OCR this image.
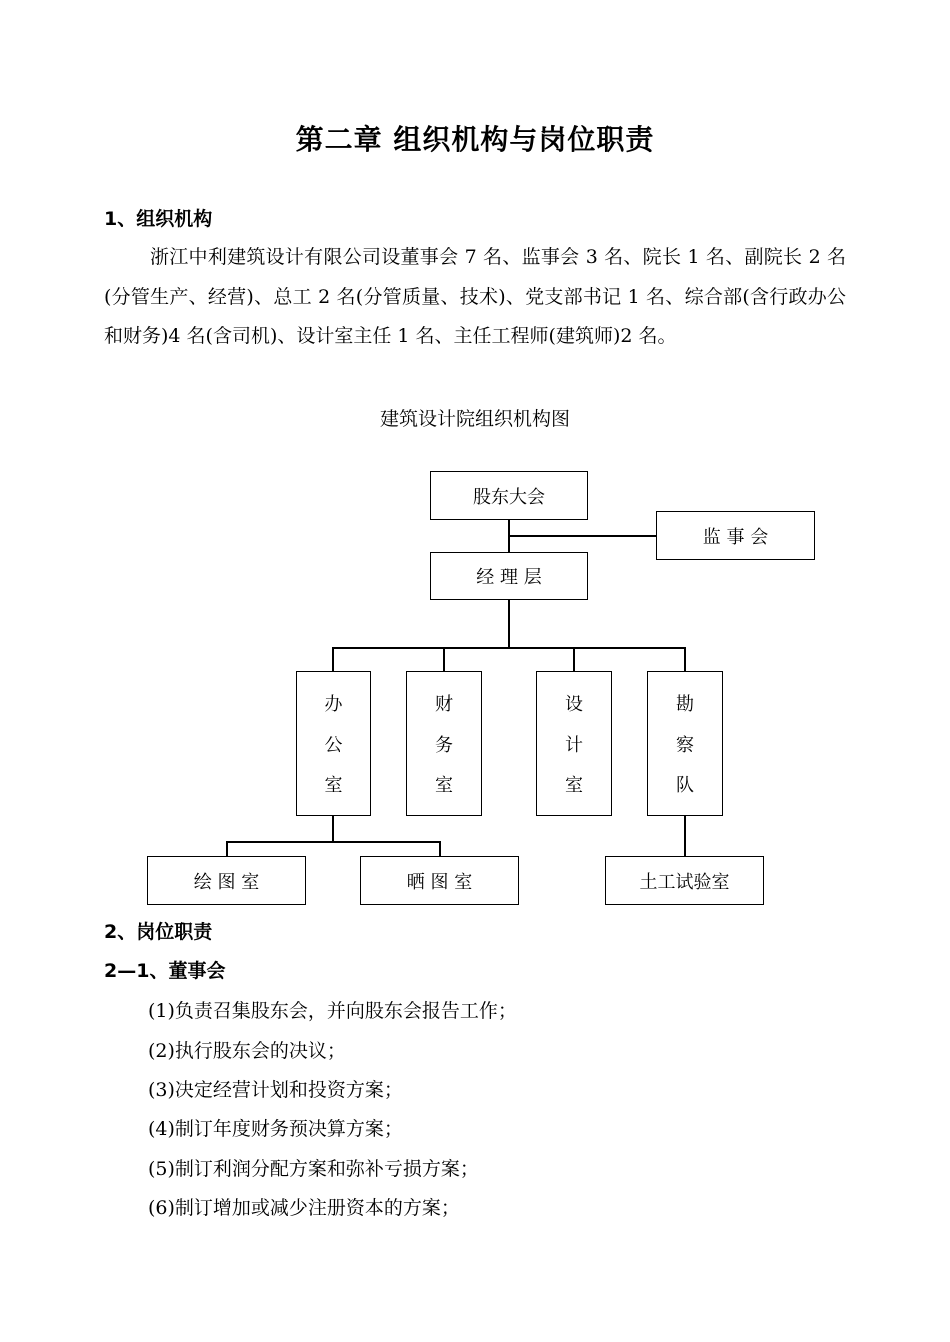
第二章 组织机构与岗位职责
1、组织机构
浙江中利建筑设计有限公司设董事会 7 名、监事会 3 名、院长 1 名、副院长 2 名(分管生产、经营)、总工 2 名(分管质量、技术)、党支部书记 1 名、综合部(含行政办公和财务)4 名(含司机)、设计室主任 1 名、主任工程师(建筑师)2 名。
建筑设计院组织机构图
股东大会
监 事 会
经 理 层
办
公
室
财
务
室
设
计
室
勘
察
队
绘 图 室	晒 图 室	土工试验室
2、岗位职责
2—1、董事会
(1)负责召集股东会，并向股东会报告工作；
(2)执行股东会的决议；
(3)决定经营计划和投资方案；
(4)制订年度财务预决算方案；
(5)制订利润分配方案和弥补亏损方案；
(6)制订增加或减少注册资本的方案；
